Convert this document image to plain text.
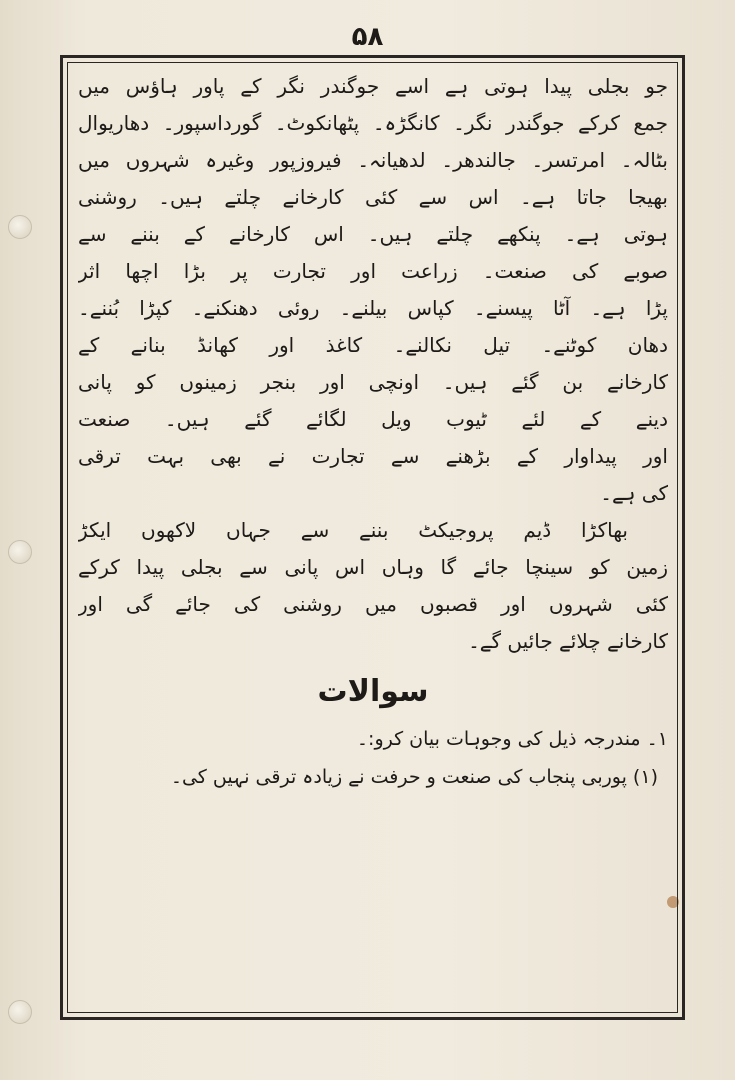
۵۸
جو بجلی پیدا ہوتی ہے اسے جوگندر نگر کے پاور ہاؤس میں
جمع کرکے جوگندر نگر۔ کانگڑہ۔ پٹھانکوٹ۔ گورداسپور۔ دھاریوال
بٹالہ۔ امرتسر۔ جالندھر۔ لدھیانہ۔ فیروزپور وغیرہ شہروں میں
بھیجا جاتا ہے۔ اس سے کئی کارخانے چلتے ہیں۔ روشنی
ہوتی ہے۔ پنکھے چلتے ہیں۔ اس کارخانے کے بننے سے
صوبے کی صنعت۔ زراعت اور تجارت پر بڑا اچھا اثر
پڑا ہے۔ آٹا پیسنے۔ کپاس بیلنے۔ روئی دھنکنے۔ کپڑا بُننے۔
دھان کوٹنے۔ تیل نکالنے۔ کاغذ اور کھانڈ بنانے کے
کارخانے بن گئے ہیں۔ اونچی اور بنجر زمینوں کو پانی
دینے کے لئے ٹیوب ویل لگائے گئے ہیں۔ صنعت
اور پیداوار کے بڑھنے سے تجارت نے بھی بہت ترقی
کی ہے۔
بھاکڑا ڈیم پروجیکٹ بننے سے جہاں لاکھوں ایکڑ
زمین کو سینچا جائے گا وہاں اس پانی سے بجلی پیدا کرکے
کئی شہروں اور قصبوں میں روشنی کی جائے گی اور
کارخانے چلائے جائیں گے۔
سوالات
۱۔ مندرجہ ذیل کی وجوہات بیان کرو:۔
(۱) پوربی پنجاب کی صنعت و حرفت نے زیادہ ترقی نہیں کی۔
